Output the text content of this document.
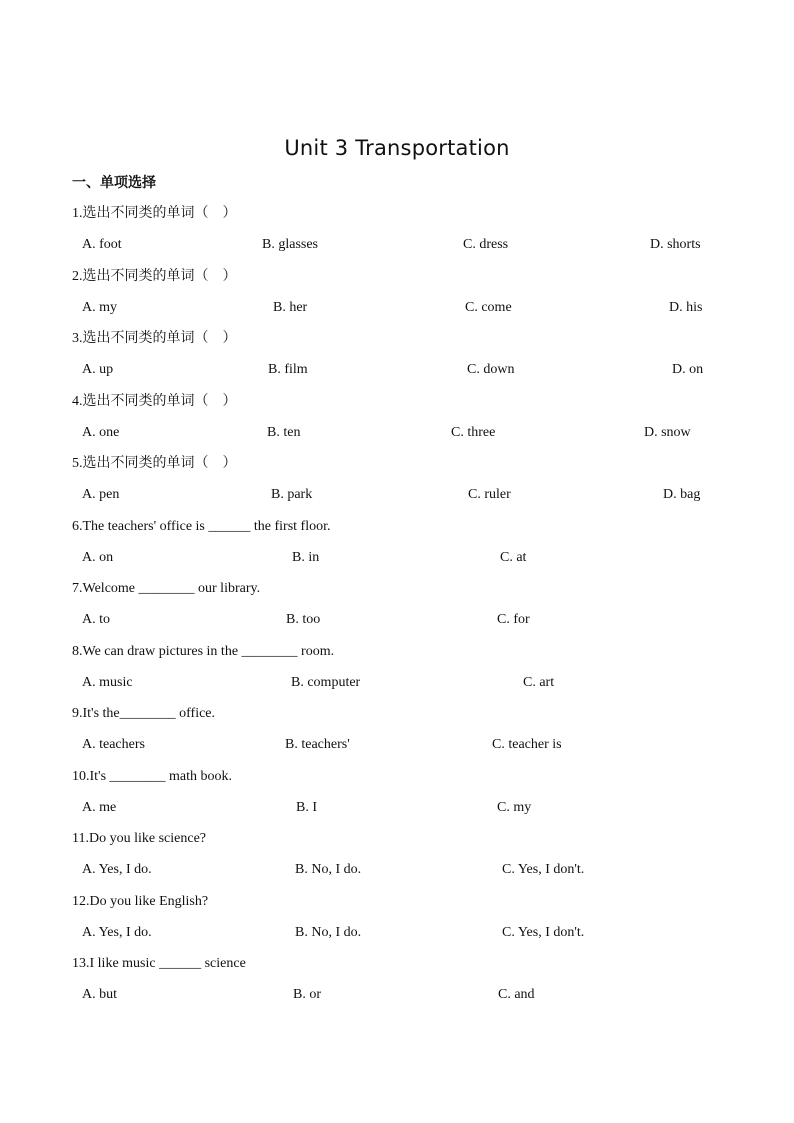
Unit 3 Transportation
一、单项选择
1.选出不同类的单词（    ）
A. foot	B. glasses	C. dress	D. shorts
2.选出不同类的单词（    ）
A. my	B. her	C. come	D. his
3.选出不同类的单词（    ）
A. up	B. film	C. down	D. on
4.选出不同类的单词（    ）
A. one	B. ten	C. three	D. snow
5.选出不同类的单词（    ）
A. pen	B. park	C. ruler	D. bag
6.The teachers' office is ______ the first floor.
A. on	B. in	C. at
7.Welcome ________ our library.
A. to	B. too	C. for
8.We can draw pictures in the ________ room.
A. music	B. computer	C. art
9.It's the________ office.
A. teachers	B. teachers'	C. teacher is
10.It's ________ math book.
A. me	B. I	C. my
11.Do you like science?
A. Yes, I do.	B. No, I do.	C. Yes, I don't.
12.Do you like English?
A. Yes, I do.	B. No, I do.	C. Yes, I don't.
13.I like music ______ science
A. but	B. or	C. and
